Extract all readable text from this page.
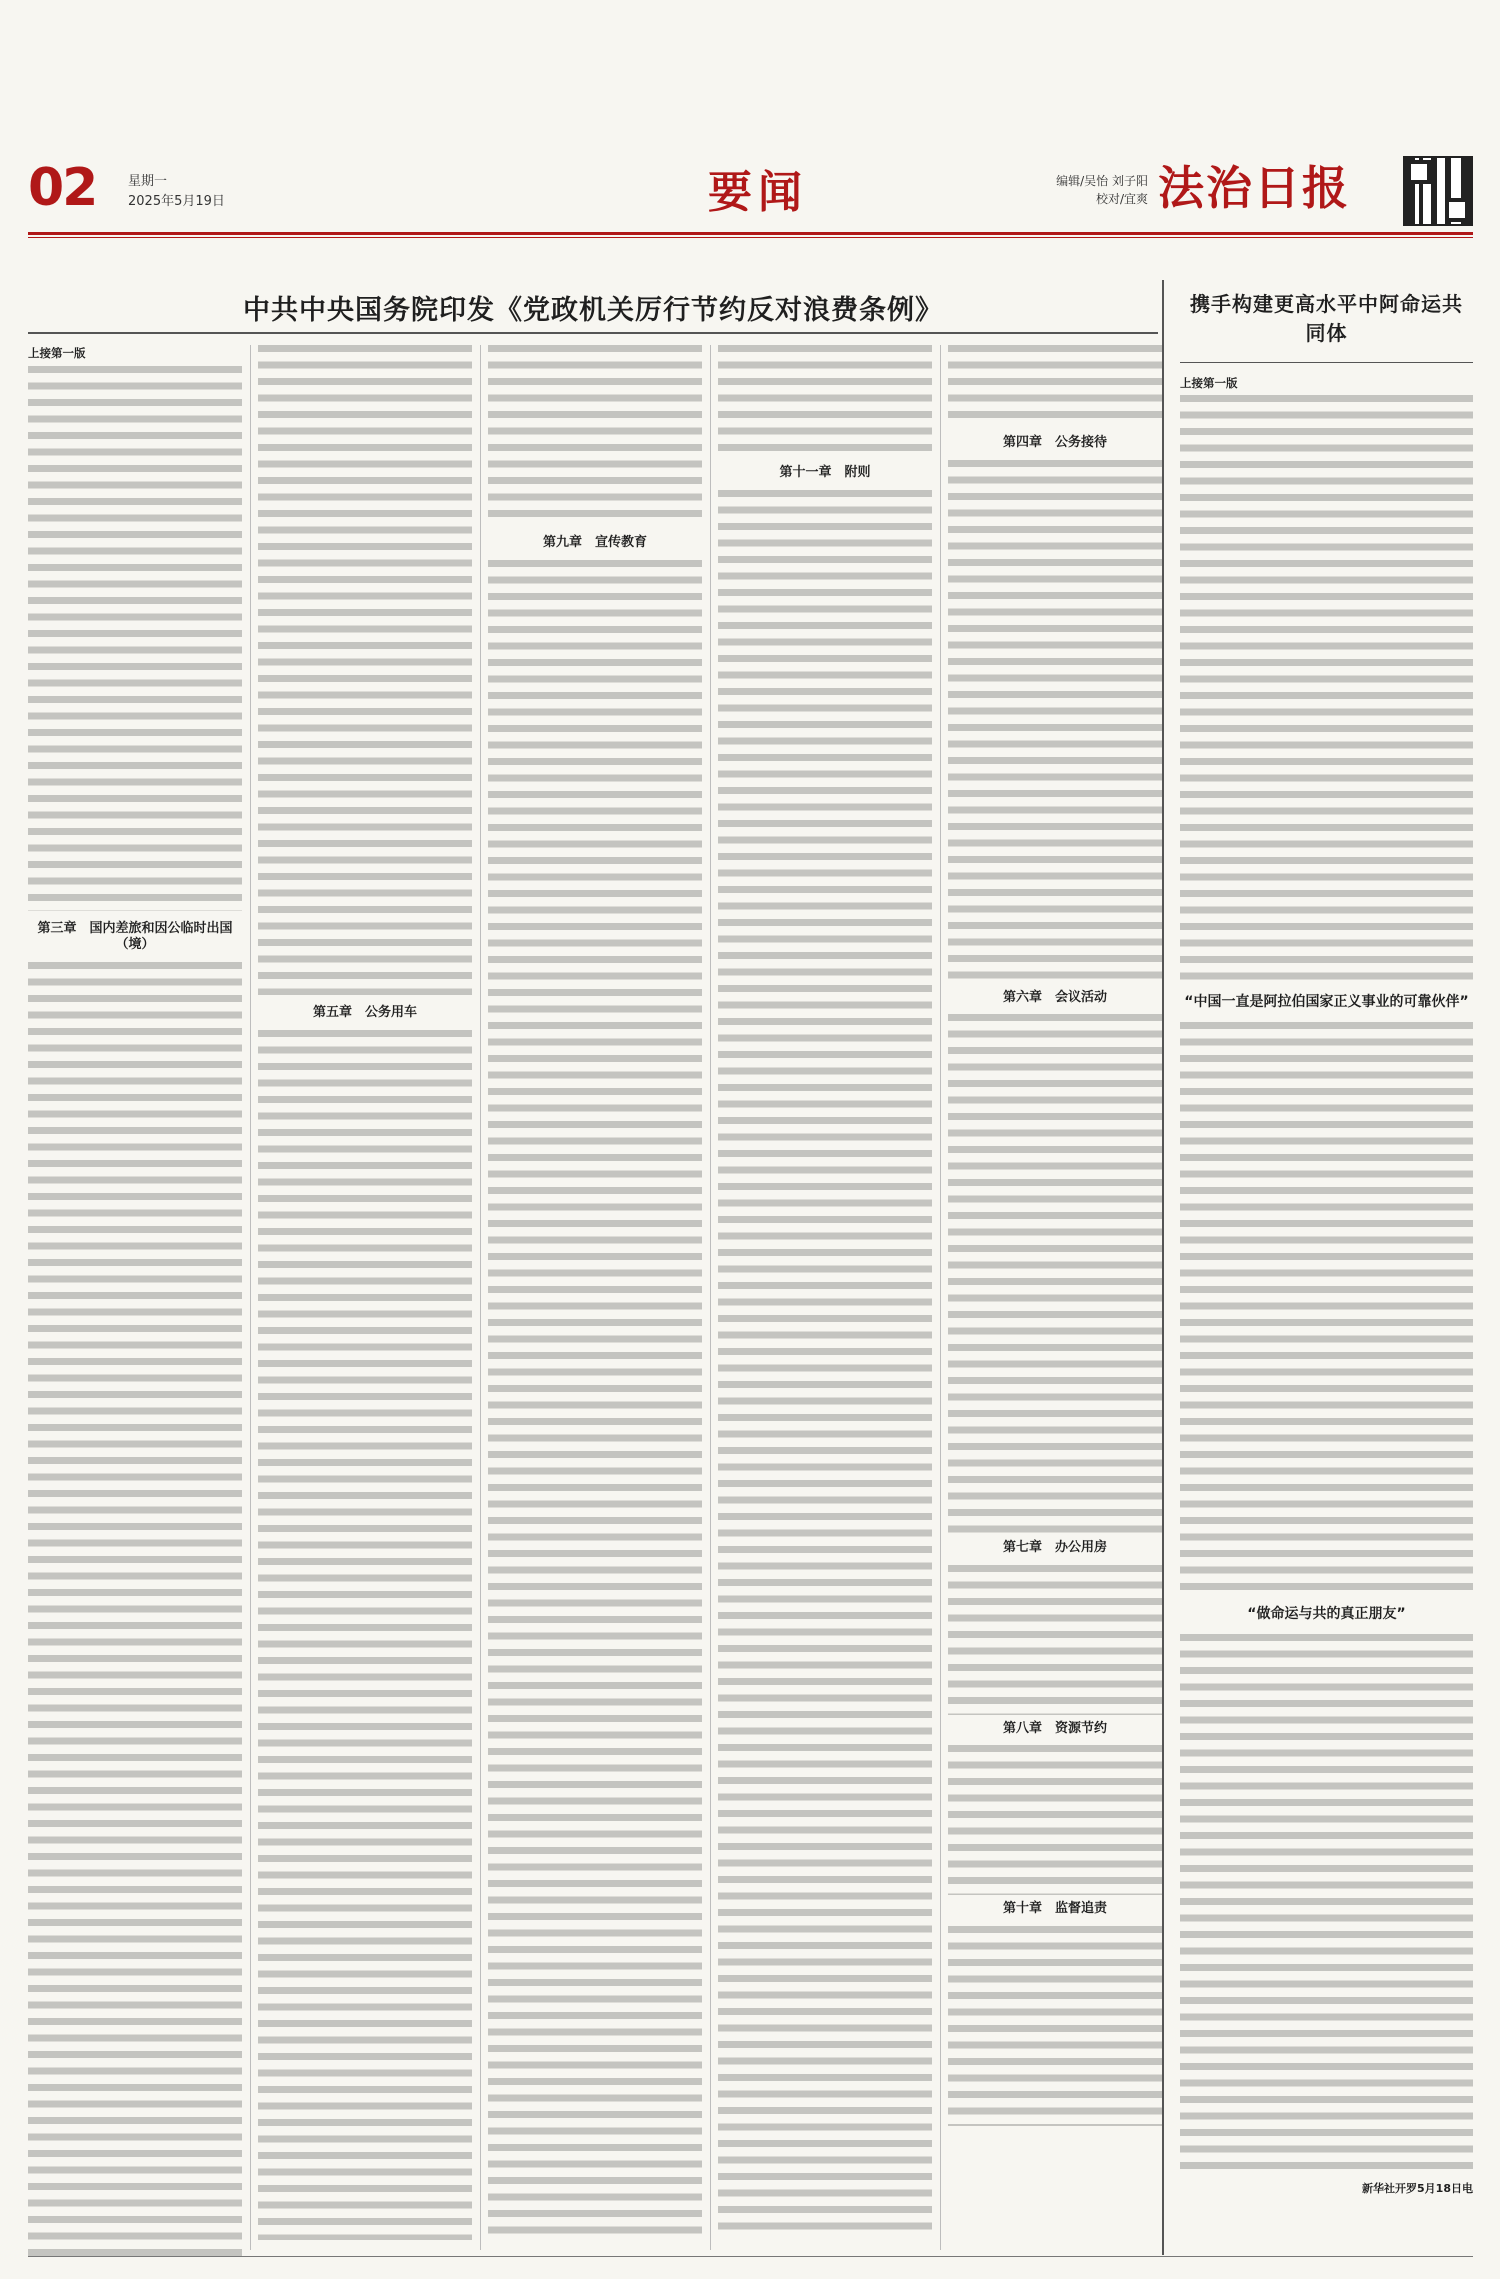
02 星期一
2025年5月19日	要闻	编辑/吴怡 刘子阳
校对/宜爽 法治日报
中共中央国务院印发《党政机关厉行节约反对浪费条例》
上接第一版
第三章　国内差旅和因公临时出国（境）
第五章　公务用车
第九章　宣传教育
第十一章　附则
第四章　公务接待
第六章　会议活动
第七章　办公用房
第八章　资源节约
第十章　监督追责
携手构建更高水平中阿命运共同体
上接第一版
“中国一直是阿拉伯国家正义事业的可靠伙伴”
“做命运与共的真正朋友”
新华社开罗5月18日电
